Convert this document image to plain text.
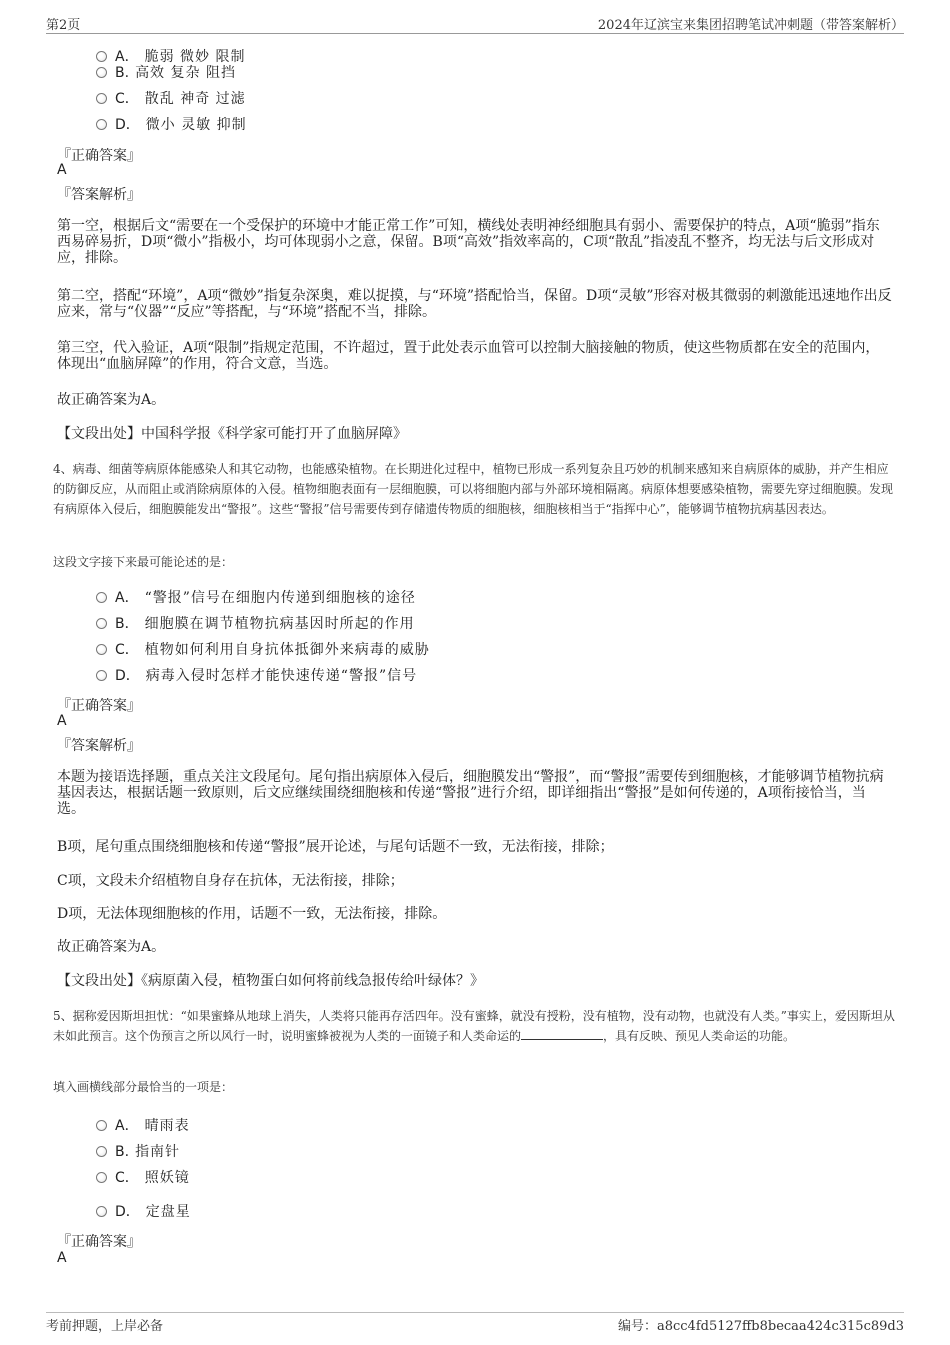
第2页	2024年辽滨宝来集团招聘笔试冲刺题（带答案解析）
A． 脆弱 微妙 限制
B. 高效 复杂 阻挡
C． 散乱 神奇 过滤
D． 微小 灵敏 抑制
『正确答案』
A
『答案解析』
第一空，根据后文“需要在一个受保护的环境中才能正常工作”可知，横线处表明神经细胞具有弱小、需要保护的特点，A项“脆弱”指东西易碎易折，D项“微小”指极小，均可体现弱小之意，保留。B项“高效”指效率高的，C项“散乱”指凌乱不整齐，均无法与后文形成对应，排除。
第二空，搭配“环境”，A项“微妙”指复杂深奥，难以捉摸，与“环境”搭配恰当，保留。D项“灵敏”形容对极其微弱的刺激能迅速地作出反应来，常与“仪器”“反应”等搭配，与“环境”搭配不当，排除。
第三空，代入验证，A项“限制”指规定范围，不许超过，置于此处表示血管可以控制大脑接触的物质，使这些物质都在安全的范围内，体现出“血脑屏障”的作用，符合文意，当选。
故正确答案为A。
【文段出处】中国科学报《科学家可能打开了血脑屏障》
4、病毒、细菌等病原体能感染人和其它动物，也能感染植物。在长期进化过程中，植物已形成一系列复杂且巧妙的机制来感知来自病原体的威胁，并产生相应的防御反应，从而阻止或消除病原体的入侵。植物细胞表面有一层细胞膜，可以将细胞内部与外部环境相隔离。病原体想要感染植物，需要先穿过细胞膜。发现有病原体入侵后，细胞膜能发出“警报”。这些“警报”信号需要传到存储遗传物质的细胞核，细胞核相当于“指挥中心”，能够调节植物抗病基因表达。
这段文字接下来最可能论述的是：
A． “警报”信号在细胞内传递到细胞核的途径
B． 细胞膜在调节植物抗病基因时所起的作用
C． 植物如何利用自身抗体抵御外来病毒的威胁
D． 病毒入侵时怎样才能快速传递“警报”信号
『正确答案』
A
『答案解析』
本题为接语选择题，重点关注文段尾句。尾句指出病原体入侵后，细胞膜发出“警报”，而“警报”需要传到细胞核，才能够调节植物抗病基因表达，根据话题一致原则，后文应继续围绕细胞核和传递“警报”进行介绍，即详细指出“警报”是如何传递的，A项衔接恰当，当选。
B项，尾句重点围绕细胞核和传递“警报”展开论述，与尾句话题不一致，无法衔接，排除；
C项，文段未介绍植物自身存在抗体，无法衔接，排除；
D项，无法体现细胞核的作用，话题不一致，无法衔接，排除。
故正确答案为A。
【文段出处】《病原菌入侵，植物蛋白如何将前线急报传给叶绿体？》
5、据称爱因斯坦担忧：“如果蜜蜂从地球上消失，人类将只能再存活四年。没有蜜蜂，就没有授粉，没有植物，没有动物，也就没有人类。”事实上，爱因斯坦从未如此预言。这个伪预言之所以风行一时，说明蜜蜂被视为人类的一面镜子和人类命运的	，具有反映、预见人类命运的功能。
填入画横线部分最恰当的一项是：
A． 晴雨表
B. 指南针
C． 照妖镜
D． 定盘星
『正确答案』
A
考前押题，上岸必备	编号：a8cc4fd5127ffb8becaa424c315c89d3
